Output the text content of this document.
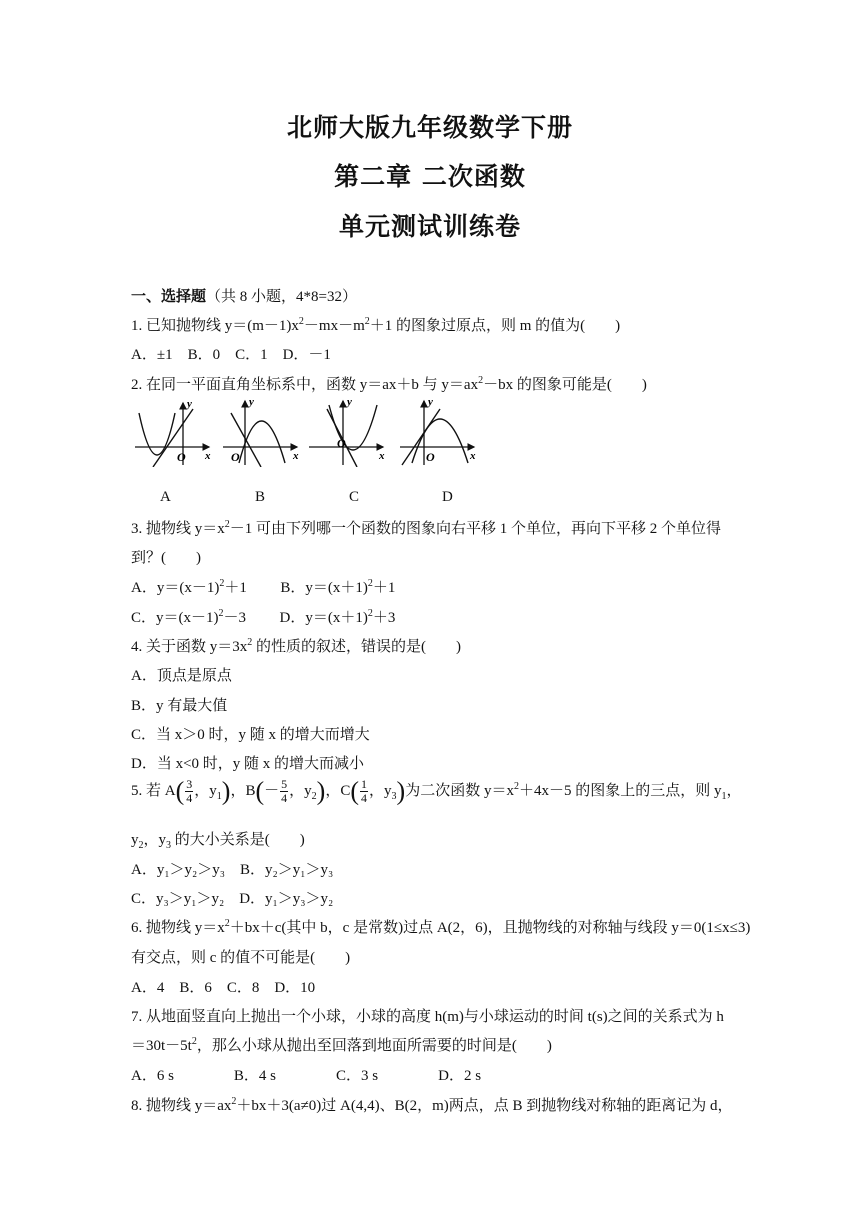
北师大版九年级数学下册
第二章 二次函数
单元测试训练卷
一、选择题（共 8 小题，4*8=32）
1. 已知抛物线 $y=(m-1)x^2-mx-m^2+1$ 的图象过原点，则 m 的值为(　　)
A．±1　B．0　C．1　D．－1
2. 在同一平面直角坐标系中，函数 y＝ax＋b 与 $y=ax^2-bx$ 的图象可能是(　　)
y
x
O
y
x
O
y
x
O
y
x
O
A	B	C	D
3. 抛物线 $y=x^2-1$ 可由下列哪一个函数的图象向右平移 1 个单位，再向下平移 2 个单位得
到？(　　)
A．$y=(x-1)^2+1$ B．$y=(x+1)^2+1$
C．$y=(x-1)^2-3$ D．$y=(x+1)^2+3$
4. 关于函数 $y=3x^2$ 的性质的叙述，错误的是(　　)
A．顶点是原点
B．y 有最大值
C．当 x＞0 时，y 随 x 的增大而增大
D．当 x<0 时，y 随 x 的增大而减小
5. 若 $A( \frac{3}{4}$ ，$y_1$)，$B(- \frac{5}{4}$ ，$y_2$)，$C( \frac{1}{4}$ ，$y_3$)为二次函数 $y=x^2+4x-5$ 的图象上的三点，则 $y_1$，
$y_2$，$y_3$ 的大小关系是(　　)
A．y₁＞y₂＞y₃　B．y₂＞y₁＞y₃
C．y₃＞y₁＞y₂　D．y₁＞y₃＞y₂
6. 抛物线 $y=x^2+bx+c$(其中 b，c 是常数)过点 A(2，6)，且抛物线的对称轴与线段 y＝0(1≤x≤3)
有交点，则 c 的值不可能是(　　)
A．4　B．6　C．8　D．10
7. 从地面竖直向上抛出一个小球，小球的高度 h(m)与小球运动的时间 t(s)之间的关系式为 h
$=30t-5t^2$，那么小球从抛出至回落到地面所需要的时间是(　　)
A．6 s　　　　B．4 s　　　　C．3 s　　　　D．2 s
8. 抛物线 $y=ax^2+bx+3(a\ne 0)$过 A(4,4)、B(2，m)两点，点 B 到抛物线对称轴的距离记为 d，
